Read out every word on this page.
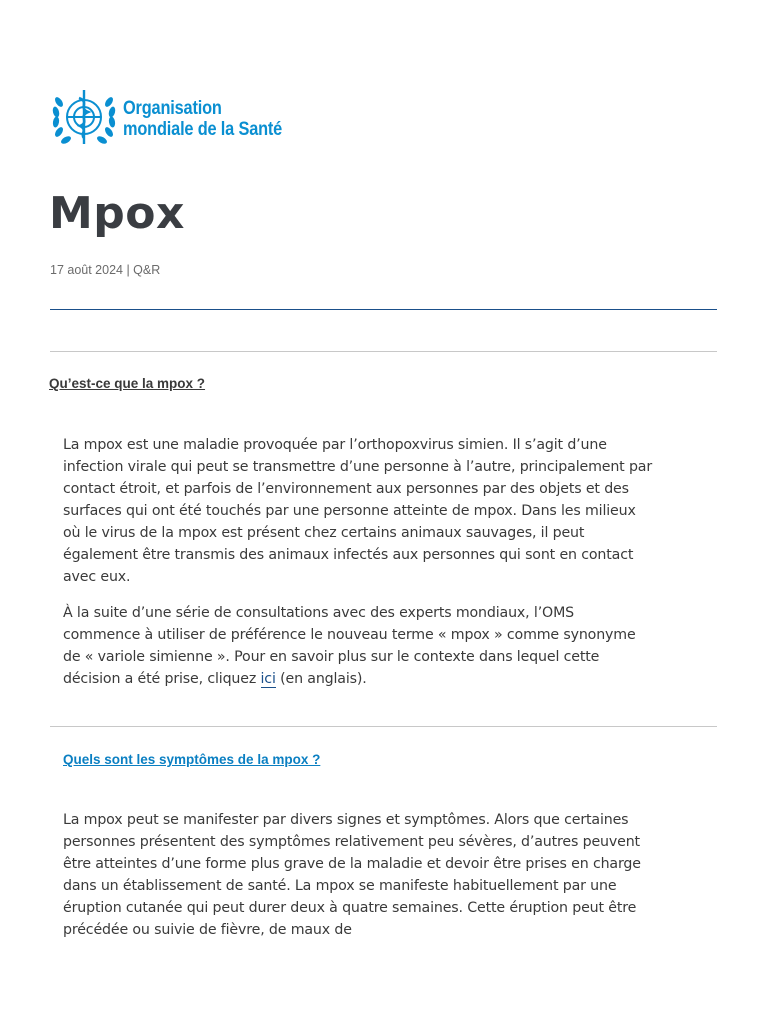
Organisation
mondiale de la Santé
Mpox
17 août 2024 | Q&R
Qu’est-ce que la mpox ?

La mpox est une maladie provoquée par l’orthopoxvirus simien. Il s’agit d’une infection virale qui peut se transmettre d’une personne à l’autre, principalement par contact étroit, et parfois de l’environnement aux personnes par des objets et des surfaces qui ont été touchés par une personne atteinte de mpox. Dans les milieux où le virus de la mpox est présent chez certains animaux sauvages, il peut également être transmis des animaux infectés aux personnes qui sont en contact avec eux.

À la suite d’une série de consultations avec des experts mondiaux, l’OMS commence à utiliser de préférence le nouveau terme « mpox » comme synonyme de « variole simienne ». Pour en savoir plus sur le contexte dans lequel cette décision a été prise, cliquez ici (en anglais).

Quels sont les symptômes de la mpox ?

La mpox peut se manifester par divers signes et symptômes. Alors que certaines personnes présentent des symptômes relativement peu sévères, d’autres peuvent être atteintes d’une forme plus grave de la maladie et devoir être prises en charge dans un établissement de santé. La mpox se manifeste habituellement par une éruption cutanée qui peut durer deux à quatre semaines. Cette éruption peut être précédée ou suivie de fièvre, de maux de
